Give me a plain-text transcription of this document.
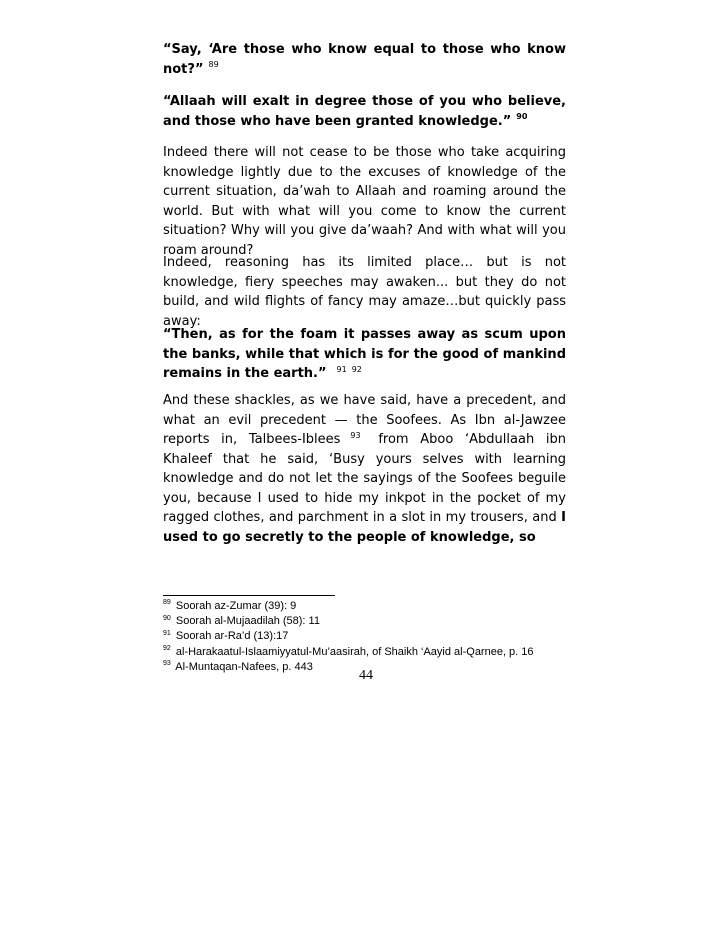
“Say, ‘Are those who know equal to those who know not?” $^{89}$

“Allaah will exalt in degree those of you who believe, and those who have been granted knowledge.” $^{90}$

Indeed there will not cease to be those who take acquiring knowledge lightly due to the excuses of knowledge of the current situation, da’wah to Allaah and roaming around the world. But with what will you come to know the current situation? Why will you give da’waah? And with what will you roam around?

Indeed, reasoning has its limited place… but is not knowledge, fiery speeches may awaken... but they do not build, and wild flights of fancy may amaze…but quickly pass away:

“Then, as for the foam it passes away as scum upon the banks, while that which is for the good of mankind remains in the earth.” $^{91}$ $^{92}$

And these shackles, as we have said, have a precedent, and what an evil precedent — the Soofees. As Ibn al-Jawzee reports in, Talbees-Iblees $^{93}$ from Aboo ‘Abdullaah ibn Khaleef that he said, ‘Busy yours selves with learning knowledge and do not let the sayings of the Soofees beguile you, because I used to hide my inkpot in the pocket of my ragged clothes, and parchment in a slot in my trousers, and I used to go secretly to the people of knowledge, so

$^{89}$ Soorah az-Zumar (39): 9
$^{90}$ Soorah al-Mujaadilah (58): 11
$^{91}$ Soorah ar-Ra’d (13):17
$^{92}$ al-Harakaatul-Islaamiyyatul-Mu’aasirah, of Shaikh ‘Aayid al-Qarnee, p. 16
$^{93}$ Al-Muntaqan-Nafees, p. 443
44
